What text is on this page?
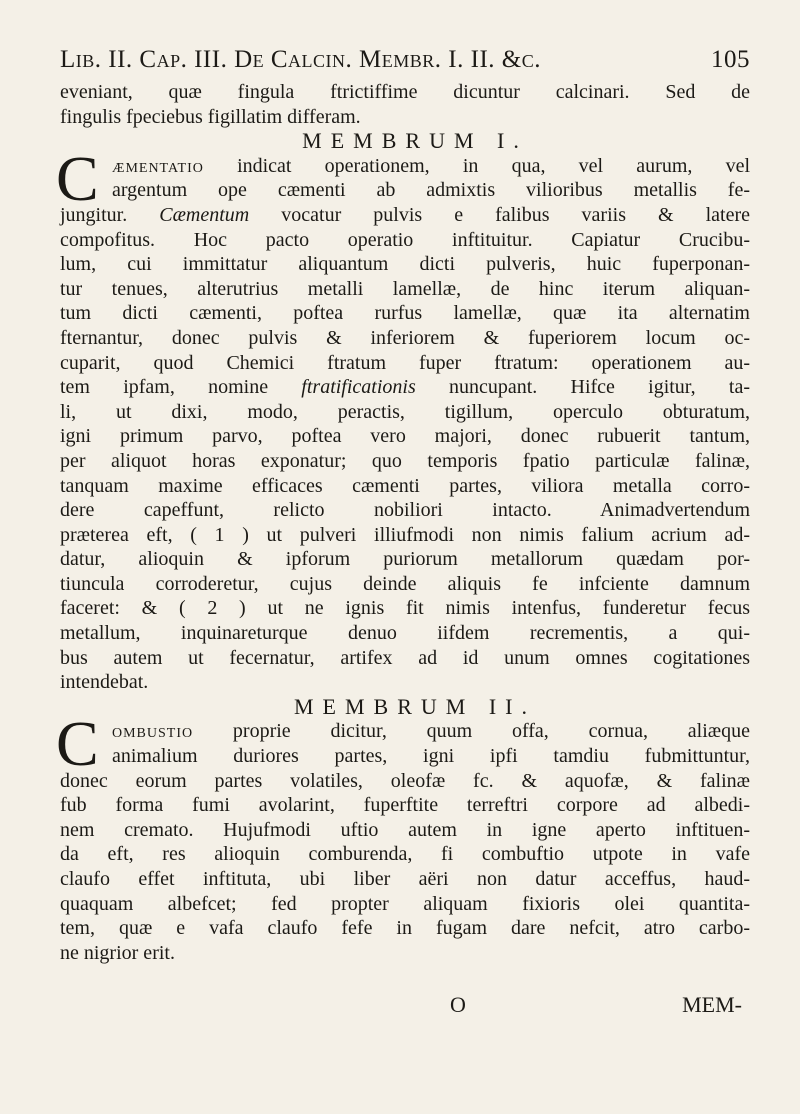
Lib. II. Cap. III. De Calcin. Membr. I. II. &c.	105
eveniant, quæ fingula ftrictiffime dicuntur calcinari. Sed de
fingulis fpeciebus figillatim differam.
MEMBRUM I.
C æmentatio indicat operationem, in qua, vel aurum, vel
argentum ope cæmenti ab admixtis vilioribus metallis fe-
jungitur. Cæmentum vocatur pulvis e falibus variis & latere
compofitus. Hoc pacto operatio inftituitur. Capiatur Crucibu-
lum, cui immittatur aliquantum dicti pulveris, huic fuperponan-
tur tenues, alterutrius metalli lamellæ, de hinc iterum aliquan-
tum dicti cæmenti, poftea rurfus lamellæ, quæ ita alternatim
fternantur, donec pulvis & inferiorem & fuperiorem locum oc-
cuparit, quod Chemici ftratum fuper ftratum: operationem au-
tem ipfam, nomine ftratificationis nuncupant. Hifce igitur, ta-
li, ut dixi, modo, peractis, tigillum, operculo obturatum,
igni primum parvo, poftea vero majori, donec rubuerit tantum,
per aliquot horas exponatur; quo temporis fpatio particulæ falinæ,
tanquam maxime efficaces cæmenti partes, viliora metalla corro-
dere capeffunt, relicto nobiliori intacto. Animadvertendum
præterea eft, ( 1 ) ut pulveri illiufmodi non nimis falium acrium ad-
datur, alioquin & ipforum puriorum metallorum quædam por-
tiuncula corroderetur, cujus deinde aliquis fe infciente damnum
faceret: & ( 2 ) ut ne ignis fit nimis intenfus, funderetur fecus
metallum, inquinareturque denuo iifdem recrementis, a qui-
bus autem ut fecernatur, artifex ad id unum omnes cogitationes
intendebat.
MEMBRUM II.
C ombustio proprie dicitur, quum offa, cornua, aliæque
animalium duriores partes, igni ipfi tamdiu fubmittuntur,
donec eorum partes volatiles, oleofæ fc. & aquofæ, & falinæ
fub forma fumi avolarint, fuperftite terreftri corpore ad albedi-
nem cremato. Hujufmodi uftio autem in igne aperto inftituen-
da eft, res alioquin comburenda, fi combuftio utpote in vafe
claufo effet inftituta, ubi liber aëri non datur acceffus, haud-
quaquam albefcet; fed propter aliquam fixioris olei quantita-
tem, quæ e vafa claufo fefe in fugam dare nefcit, atro carbo-
ne nigrior erit.
O	MEM-
